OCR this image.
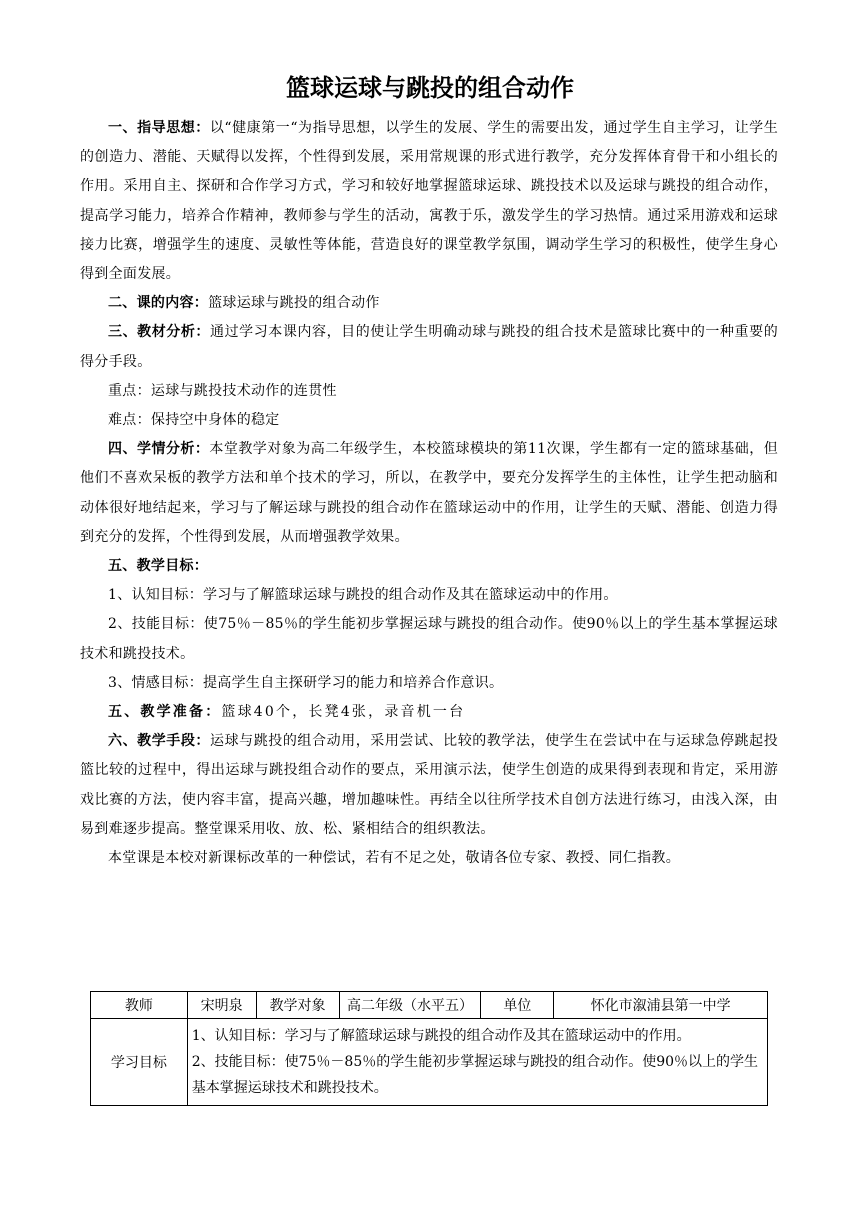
篮球运球与跳投的组合动作

一、指导思想：以“健康第一“为指导思想，以学生的发展、学生的需要出发，通过学生自主学习，让学生的创造力、潜能、天赋得以发挥，个性得到发展，采用常规课的形式进行教学，充分发挥体育骨干和小组长的作用。采用自主、探研和合作学习方式，学习和较好地掌握篮球运球、跳投技术以及运球与跳投的组合动作，提高学习能力，培养合作精神，教师参与学生的活动，寓教于乐，激发学生的学习热情。通过采用游戏和运球接力比赛，增强学生的速度、灵敏性等体能，营造良好的课堂教学氛围，调动学生学习的积极性，使学生身心得到全面发展。

二、课的内容：篮球运球与跳投的组合动作

三、教材分析：通过学习本课内容，目的使让学生明确动球与跳投的组合技术是篮球比赛中的一种重要的得分手段。

重点：运球与跳投技术动作的连贯性

难点：保持空中身体的稳定

四、学情分析：本堂教学对象为高二年级学生，本校篮球模块的第11次课，学生都有一定的篮球基础，但他们不喜欢呆板的教学方法和单个技术的学习，所以，在教学中，要充分发挥学生的主体性，让学生把动脑和动体很好地结起来，学习与了解运球与跳投的组合动作在篮球运动中的作用，让学生的天赋、潜能、创造力得到充分的发挥，个性得到发展，从而增强教学效果。

五、教学目标：

1、认知目标：学习与了解篮球运球与跳投的组合动作及其在篮球运动中的作用。

2、技能目标：使75％－85％的学生能初步掌握运球与跳投的组合动作。使90％以上的学生基本掌握运球技术和跳投技术。

3、情感目标：提高学生自主探研学习的能力和培养合作意识。

五、教学准备：篮球40个，长凳4张，录音机一台

六、教学手段：运球与跳投的组合动用，采用尝试、比较的教学法，使学生在尝试中在与运球急停跳起投篮比较的过程中，得出运球与跳投组合动作的要点，采用演示法，使学生创造的成果得到表现和肯定，采用游戏比赛的方法，使内容丰富，提高兴趣，增加趣味性。再结全以往所学技术自创方法进行练习，由浅入深，由易到难逐步提高。整堂课采用收、放、松、紧相结合的组织教法。

本堂课是本校对新课标改革的一种偿试，若有不足之处，敬请各位专家、教授、同仁指教。

教师	宋明泉	教学对象	高二年级（水平五）	单位	怀化市溆浦县第一中学
学习目标	1、认知目标：学习与了解篮球运球与跳投的组合动作及其在篮球运动中的作用。
2、技能目标：使75％－85％的学生能初步掌握运球与跳投的组合动作。使90％以上的学生基本掌握运球技术和跳投技术。				
